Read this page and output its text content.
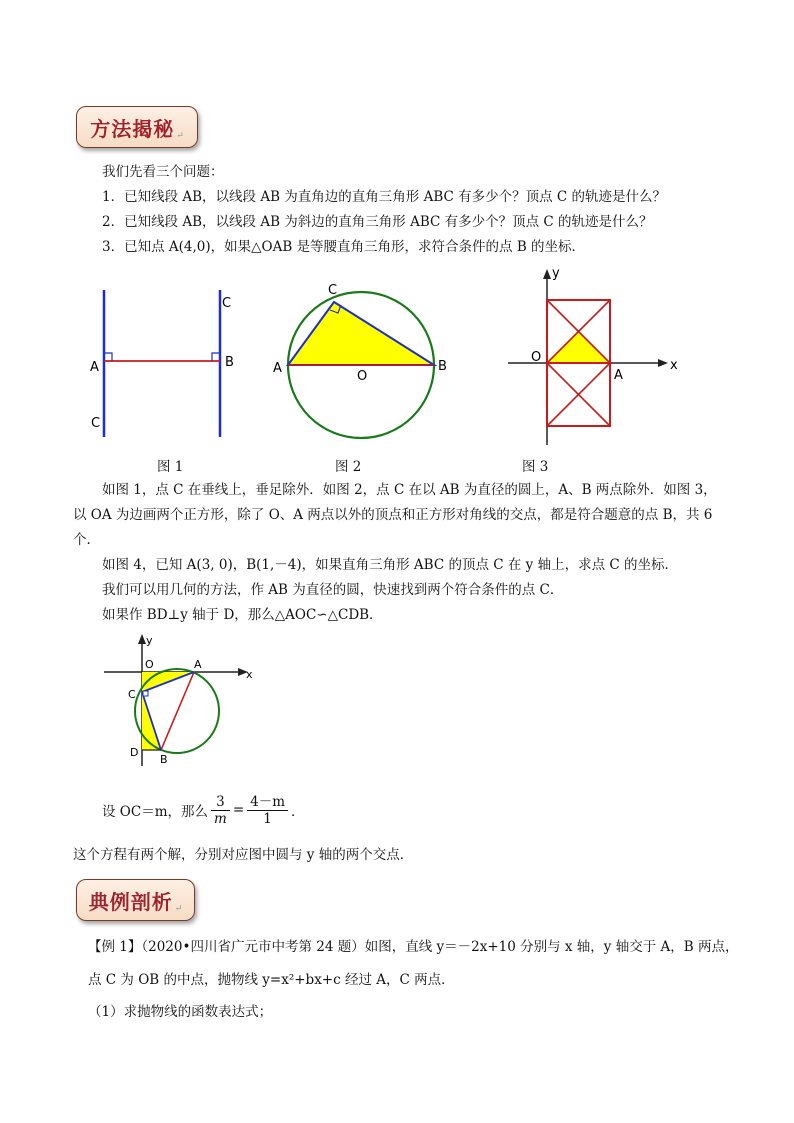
方法揭秘 ↵
我们先看三个问题：
1．已知线段 AB，以线段 AB 为直角边的直角三角形 ABC 有多少个？顶点 C 的轨迹是什么？
2．已知线段 AB，以线段 AB 为斜边的直角三角形 ABC 有多少个？顶点 C 的轨迹是什么？
3．已知点 A(4,0)，如果△OAB 是等腰直角三角形，求符合条件的点 B 的坐标．
A	B
C
C
A	B
C
O
y
x
O
A
图 1	图 2	图 3
如图 1，点 C 在垂线上，垂足除外．如图 2，点 C 在以 AB 为直径的圆上，A、B 两点除外．如图 3，
以 OA 为边画两个正方形，除了 O、A 两点以外的顶点和正方形对角线的交点，都是符合题意的点 B，共 6
个．
如图 4，已知 A(3, 0)，B(1,－4)，如果直角三角形 ABC 的顶点 C 在 y 轴上，求点 C 的坐标．
我们可以用几何的方法，作 AB 为直径的圆，快速找到两个符合条件的点 C．
如果作 BD⊥y 轴于 D，那么△AOC∽△CDB．
y
x
O	A
C
D
B
设 OC＝m，那么 $\frac{3}{m} = \frac{4-m}{1}$ ．
这个方程有两个解，分别对应图中圆与 y 轴的两个交点．
典例剖析 ↵
【例 1】（2020•四川省广元市中考第 24 题）如图，直线 y＝－2x+10 分别与 x 轴，y 轴交于 A，B 两点，
点 C 为 OB 的中点，抛物线 y=x²+bx+c 经过 A，C 两点．
（1）求抛物线的函数表达式；
